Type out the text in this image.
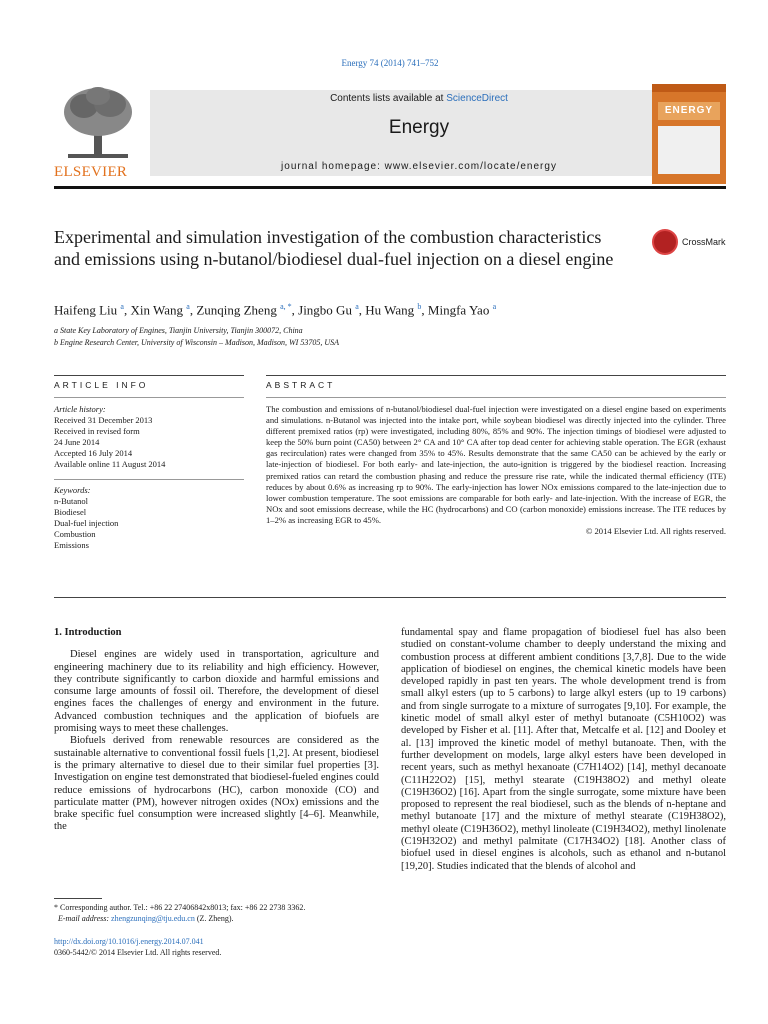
Energy 74 (2014) 741–752
ELSEVIER
Contents lists available at ScienceDirect
Energy
journal homepage: www.elsevier.com/locate/energy
ENERGY
Experimental and simulation investigation of the combustion characteristics and emissions using n-butanol/biodiesel dual-fuel injection on a diesel engine
CrossMark
Haifeng Liu $^a$, Xin Wang $^a$, Zunqing Zheng $^{a, *}$, Jingbo Gu $^a$, Hu Wang $^b$, Mingfa Yao $^a$
a State Key Laboratory of Engines, Tianjin University, Tianjin 300072, China
b Engine Research Center, University of Wisconsin – Madison, Madison, WI 53705, USA
ARTICLE INFO	ABSTRACT
Article history:
Received 31 December 2013
Received in revised form
24 June 2014
Accepted 16 July 2014
Available online 11 August 2014
Keywords:
n-Butanol
Biodiesel
Dual-fuel injection
Combustion
Emissions
The combustion and emissions of n-butanol/biodiesel dual-fuel injection were investigated on a diesel engine based on experiments and simulations. n-Butanol was injected into the intake port, while soybean biodiesel was directly injected into the cylinder. Three different premixed ratios (rp) were investigated, including 80%, 85% and 90%. The injection timings of biodiesel were adjusted to keep the 50% burn point (CA50) between 2° CA and 10° CA after top dead center for achieving stable operation. The EGR (exhaust gas recirculation) rates were changed from 35% to 45%. Results demonstrate that the same CA50 can be achieved by the early or late-injection of biodiesel. For both early- and late-injection, the auto-ignition is triggered by the biodiesel reaction. Increasing premixed ratios can retard the combustion phasing and reduce the pressure rise rate, while the indicated thermal efficiency (ITE) reduces by about 0.6% as increasing rp to 90%. The early-injection has lower NOx emissions compared to the late-injection due to lower combustion temperature. The soot emissions are comparable for both early- and late-injection. With the increase of EGR, the NOx and soot emissions decrease, while the HC (hydrocarbons) and CO (carbon monoxide) emissions increase. The ITE reduces by 1–2% as increasing EGR to 45%.
© 2014 Elsevier Ltd. All rights reserved.
1. Introduction

Diesel engines are widely used in transportation, agriculture and engineering machinery due to its reliability and high efficiency. However, they contribute significantly to carbon dioxide and harmful emissions and consume large amounts of fossil oil. Therefore, the development of diesel engines faces the challenges of energy and environment in the future. Advanced combustion techniques and the application of biofuels are promising ways to meet these challenges.

Biofuels derived from renewable resources are considered as the sustainable alternative to conventional fossil fuels [1,2]. At present, biodiesel is the primary alternative to diesel due to their similar fuel properties [3]. Investigation on engine test demonstrated that biodiesel-fueled engines could reduce emissions of hydrocarbons (HC), carbon monoxide (CO) and particulate matter (PM), however nitrogen oxides (NOx) emissions and the brake specific fuel consumption were increased slightly [4–6]. Meanwhile, the

fundamental spay and flame propagation of biodiesel fuel has also been studied on constant-volume chamber to deeply understand the mixing and combustion process at different ambient conditions [3,7,8]. Due to the wide application of biodiesel on engines, the chemical kinetic models have been developed rapidly in past ten years. The whole development trend is from small alkyl esters (up to 5 carbons) to large alkyl esters (up to 19 carbons) and from single surrogate to a mixture of surrogates [9,10]. For example, the kinetic model of small alkyl ester of methyl butanoate (C5H10O2) was developed by Fisher et al. [11]. After that, Metcalfe et al. [12] and Dooley et al. [13] improved the kinetic model of methyl butanoate. Then, with the further development on models, large alkyl esters have been developed in recent years, such as methyl hexanoate (C7H14O2) [14], methyl decanoate (C11H22O2) [15], methyl stearate (C19H38O2) and methyl oleate (C19H36O2) [16]. Apart from the single surrogate, some mixture have been proposed to represent the real biodiesel, such as the blends of n-heptane and methyl butanoate [17] and the mixture of methyl stearate (C19H38O2), methyl oleate (C19H36O2), methyl linoleate (C19H34O2), methyl linolenate (C19H32O2) and methyl palmitate (C17H34O2) [18]. Another class of biofuel used in diesel engines is alcohols, such as ethanol and n-butanol [19,20]. Studies indicated that the blends of alcohol and

* Corresponding author. Tel.: +86 22 27406842x8013; fax: +86 22 2738 3362.
E-mail address: zhengzunqing@tju.edu.cn (Z. Zheng).
http://dx.doi.org/10.1016/j.energy.2014.07.041
0360-5442/© 2014 Elsevier Ltd. All rights reserved.
